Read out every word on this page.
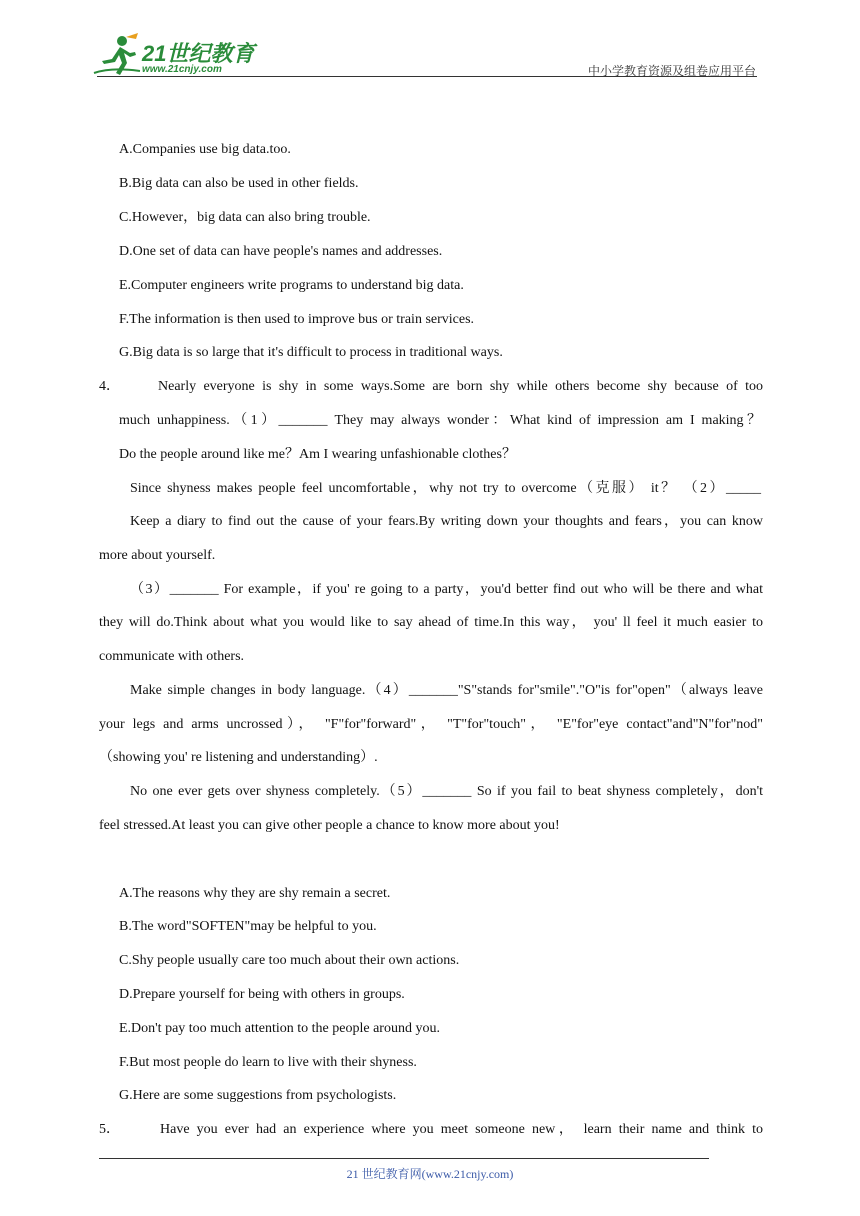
21世纪教育
www.21cnjy.com	中小学教育资源及组卷应用平台
A.Companies use big data.too.
B.Big data can also be used in other fields.
C.However，big data can also bring trouble.
D.One set of data can have people's names and addresses.
E.Computer engineers write programs to understand big data.
F.The information is then used to improve bus or train services.
G.Big data is so large that it's difficult to process in traditional ways.
4．	Nearly everyone is shy in some ways.Some are born shy while others become shy because of too
much unhappiness.（1）_______ They may always wonder：What kind of impression am I making？
Do the people around like me？Am I wearing unfashionable clothes？
Since shyness makes people feel uncomfortable，why not try to overcome（克服） it？ （2）_____
Keep a diary to find out the cause of your fears.By writing down your thoughts and fears，you can know
more about yourself.
（3）_______ For example，if you' re going to a party，you'd better find out who will be there and what
they will do.Think about what you would like to say ahead of time.In this way， you' ll feel it much easier to
communicate with others.
Make simple changes in body language.（4）_______"S"stands for"smile"."O"is for"open"（always leave
your legs and arms uncrossed）， "F"for"forward"， "T"for"touch"， "E"for"eye contact"and"N"for"nod"
（showing you' re listening and understanding）.
No one ever gets over shyness completely.（5）_______ So if you fail to beat shyness completely，don't
feel stressed.At least you can give other people a chance to know more about you!
A.The reasons why they are shy remain a secret.
B.The word"SOFTEN"may be helpful to you.
C.Shy people usually care too much about their own actions.
D.Prepare yourself for being with others in groups.
E.Don't pay too much attention to the people around you.
F.But most people do learn to live with their shyness.
G.Here are some suggestions from psychologists.
5．	Have you ever had an experience where you meet someone new， learn their name and think to
21 世纪教育网(www.21cnjy.com)
